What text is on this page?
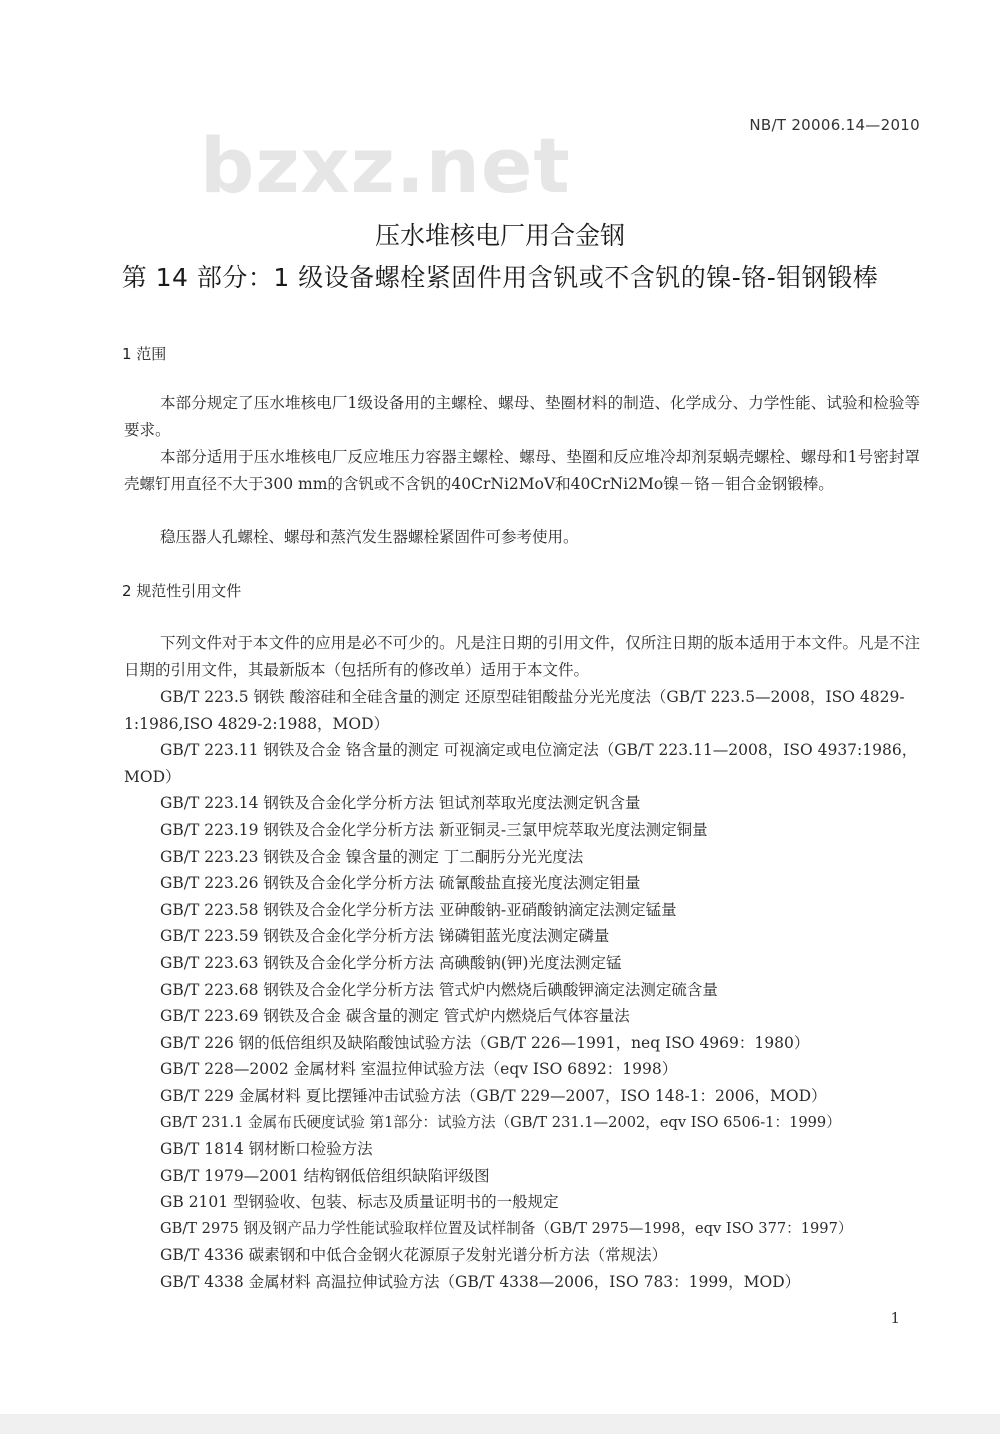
bzxz.net	NB/T 20006.14—2010
压水堆核电厂用合金钢
第 14 部分：1 级设备螺栓紧固件用含钒或不含钒的镍-铬-钼钢锻棒
1 范围
本部分规定了压水堆核电厂1级设备用的主螺栓、螺母、垫圈材料的制造、化学成分、力学性能、试验和检验等要求。
本部分适用于压水堆核电厂反应堆压力容器主螺栓、螺母、垫圈和反应堆冷却剂泵蜗壳螺栓、螺母和1号密封罩壳螺钉用直径不大于300 mm的含钒或不含钒的40CrNi2MoV和40CrNi2Mo镍－铬－钼合金钢锻棒。
稳压器人孔螺栓、螺母和蒸汽发生器螺栓紧固件可参考使用。
2 规范性引用文件
下列文件对于本文件的应用是必不可少的。凡是注日期的引用文件，仅所注日期的版本适用于本文件。凡是不注日期的引用文件，其最新版本（包括所有的修改单）适用于本文件。
GB/T 223.5 钢铁 酸溶硅和全硅含量的测定 还原型硅钼酸盐分光光度法（GB/T 223.5—2008，ISO 4829-1:1986,ISO 4829-2:1988，MOD）
GB/T 223.11 钢铁及合金 铬含量的测定 可视滴定或电位滴定法（GB/T 223.11—2008，ISO 4937:1986，MOD）
GB/T 223.14 钢铁及合金化学分析方法 钽试剂萃取光度法测定钒含量
GB/T 223.19 钢铁及合金化学分析方法 新亚铜灵-三氯甲烷萃取光度法测定铜量
GB/T 223.23 钢铁及合金 镍含量的测定 丁二酮肟分光光度法
GB/T 223.26 钢铁及合金化学分析方法 硫氰酸盐直接光度法测定钼量
GB/T 223.58 钢铁及合金化学分析方法 亚砷酸钠-亚硝酸钠滴定法测定锰量
GB/T 223.59 钢铁及合金化学分析方法 锑磷钼蓝光度法测定磷量
GB/T 223.63 钢铁及合金化学分析方法 高碘酸钠(钾)光度法测定锰
GB/T 223.68 钢铁及合金化学分析方法 管式炉内燃烧后碘酸钾滴定法测定硫含量
GB/T 223.69 钢铁及合金 碳含量的测定 管式炉内燃烧后气体容量法
GB/T 226 钢的低倍组织及缺陷酸蚀试验方法（GB/T 226—1991，neq ISO 4969：1980）
GB/T 228—2002 金属材料 室温拉伸试验方法（eqv ISO 6892：1998）
GB/T 229 金属材料 夏比摆锤冲击试验方法（GB/T 229—2007，ISO 148-1：2006，MOD）
GB/T 231.1 金属布氏硬度试验 第1部分：试验方法（GB/T 231.1—2002，eqv ISO 6506-1：1999）
GB/T 1814 钢材断口检验方法
GB/T 1979—2001 结构钢低倍组织缺陷评级图
GB 2101 型钢验收、包装、标志及质量证明书的一般规定
GB/T 2975 钢及钢产品力学性能试验取样位置及试样制备（GB/T 2975—1998，eqv ISO 377：1997）
GB/T 4336 碳素钢和中低合金钢火花源原子发射光谱分析方法（常规法）
GB/T 4338 金属材料 高温拉伸试验方法（GB/T 4338—2006，ISO 783：1999，MOD）
1
